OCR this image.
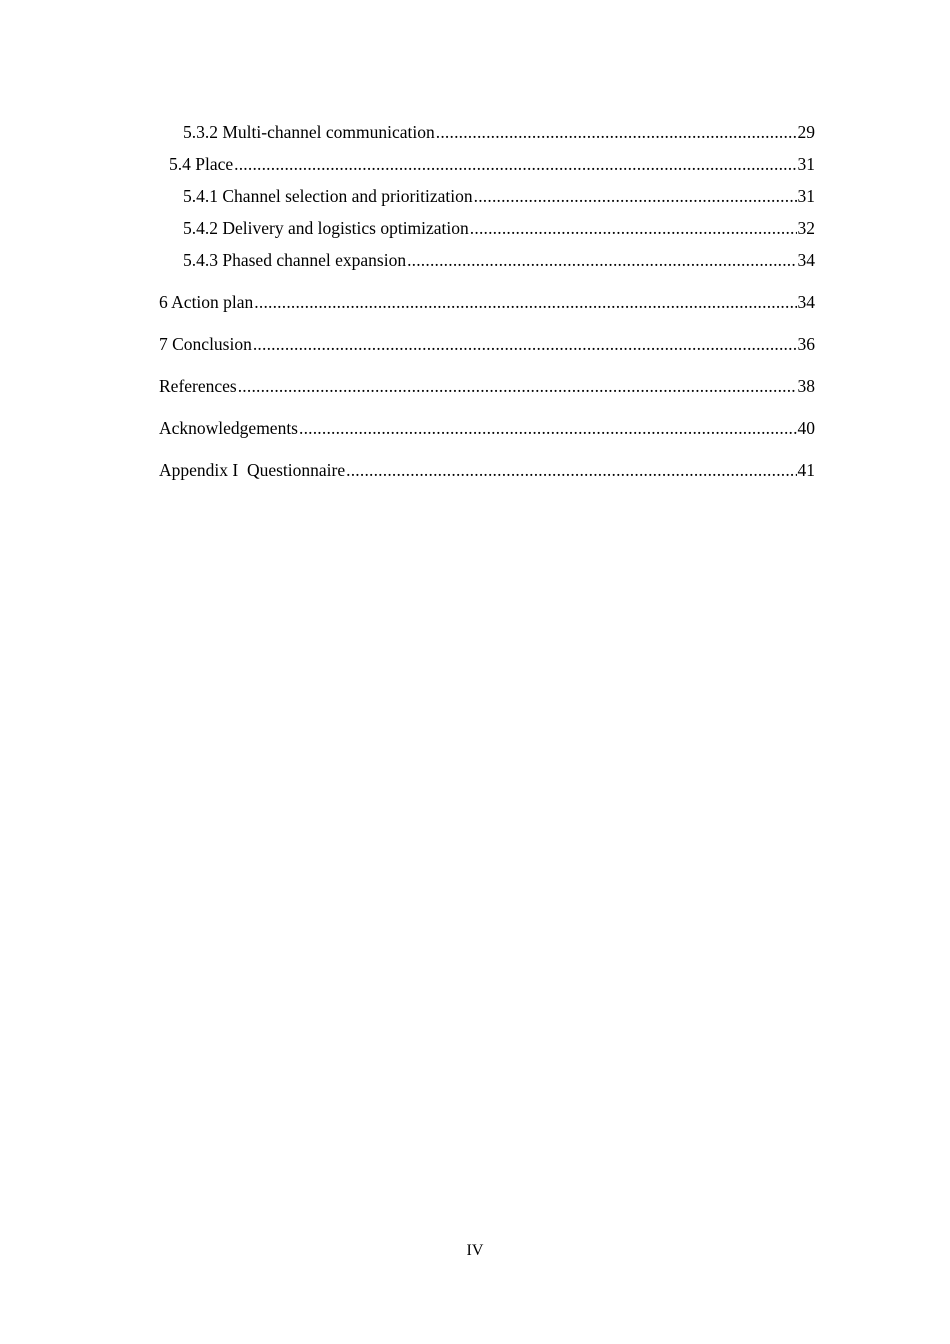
5.3.2 Multi-channel communication .....	29
5.4 Place .....	31
5.4.1 Channel selection and prioritization .....	31
5.4.2 Delivery and logistics optimization .....	32
5.4.3 Phased channel expansion .....	34
6 Action plan .....	34
7 Conclusion .....	36
References .....	38
Acknowledgements .....	40
Appendix I  Questionnaire .....	41
IV
